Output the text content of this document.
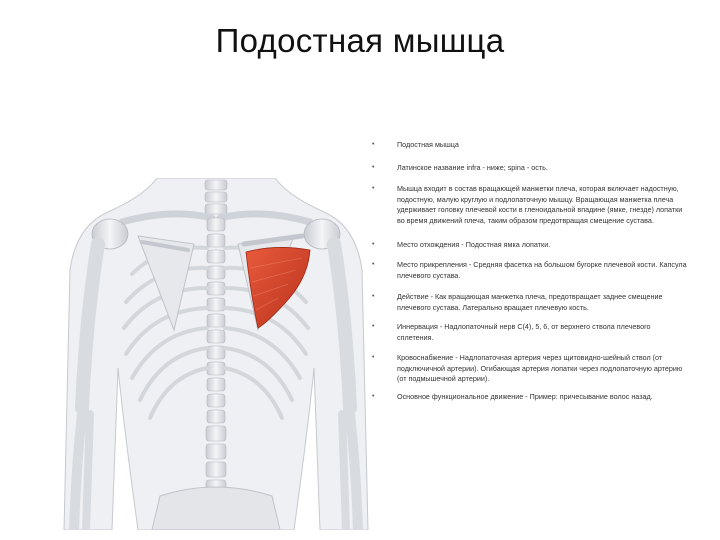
Подостная мышца
•	Подостная мышца
•	Латинское название infra - ниже; spina - ость.
•	Мышца входит в состав вращающей манжетки плеча, которая включает надостную, подостную, малую круглую и подлопаточную мышцу. Вращающая манжетка плеча удерживает головку плечевой кости в гленоидальной впадине (ямке, гнезде) лопатки во время движений плеча, таким образом предотвращая смещение сустава.
•	Место отхождения - Подостная ямка лопатки.
•	Место прикрепления - Средняя фасетка на большом бугорке плечевой кости. Капсула плечевого сустава.
•	Действие - Как вращающая манжетка плеча, предотвращает заднее смещение плечевого сустава. Латерально вращает плечевую кость.
•	Иннервация - Надлопаточный нерв C(4), 5, 6, от верхнего ствола плечевого сплетения.
•	Кровоснабжение - Надлопаточная артерия через щитовидно-шейный ствол (от подключичной артерии). Огибающая артерия лопатки через подлопаточную артерию (от подмышечной артерии).
•	Основное функциональное движение - Пример: причесывание волос назад.
